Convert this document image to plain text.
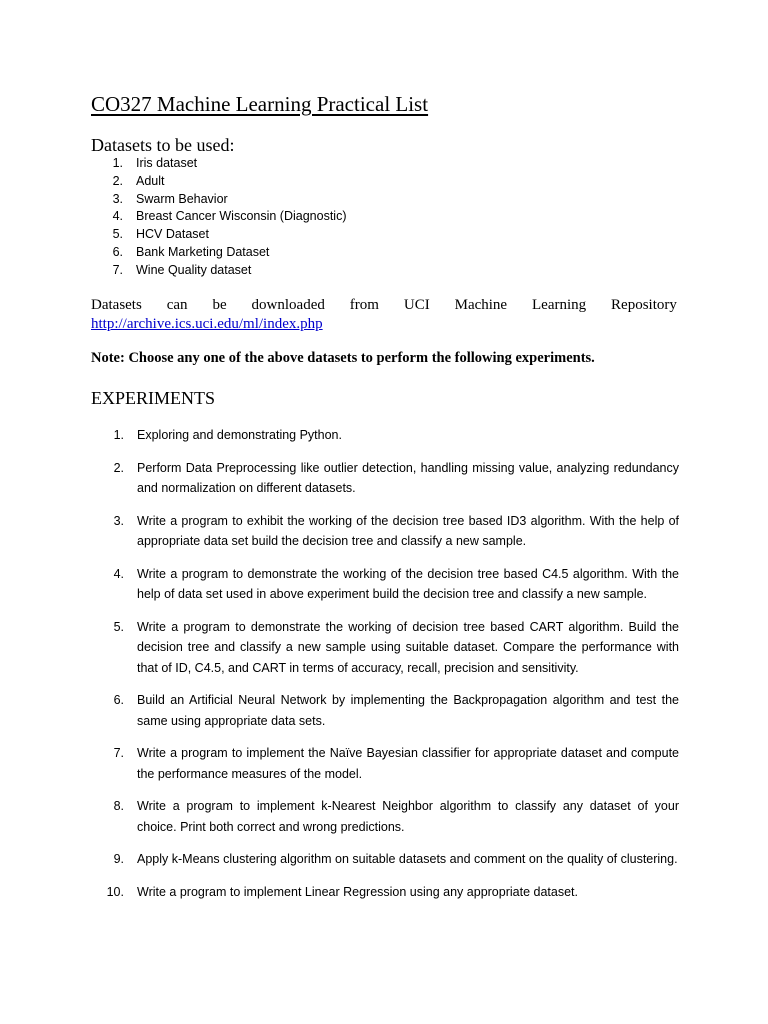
CO327 Machine Learning Practical List
Datasets to be used:
1. Iris dataset
2. Adult
3. Swarm Behavior
4. Breast Cancer Wisconsin (Diagnostic)
5. HCV Dataset
6. Bank Marketing Dataset
7. Wine Quality dataset
Datasets can be downloaded from UCI Machine Learning Repository
http://archive.ics.uci.edu/ml/index.php
Note: Choose any one of the above datasets to perform the following experiments.
EXPERIMENTS
1. Exploring and demonstrating Python.
2. Perform Data Preprocessing like outlier detection, handling missing value, analyzing redundancy and normalization on different datasets.
3. Write a program to exhibit the working of the decision tree based ID3 algorithm. With the help of appropriate data set build the decision tree and classify a new sample.
4. Write a program to demonstrate the working of the decision tree based C4.5 algorithm. With the help of data set used in above experiment build the decision tree and classify a new sample.
5. Write a program to demonstrate the working of decision tree based CART algorithm. Build the decision tree and classify a new sample using suitable dataset. Compare the performance with that of ID, C4.5, and CART in terms of accuracy, recall, precision and sensitivity.
6. Build an Artificial Neural Network by implementing the Backpropagation algorithm and test the same using appropriate data sets.
7. Write a program to implement the Naïve Bayesian classifier for appropriate dataset and compute the performance measures of the model.
8. Write a program to implement k-Nearest Neighbor algorithm to classify any dataset of your choice. Print both correct and wrong predictions.
9. Apply k-Means clustering algorithm on suitable datasets and comment on the quality of clustering.
10. Write a program to implement Linear Regression using any appropriate dataset.
